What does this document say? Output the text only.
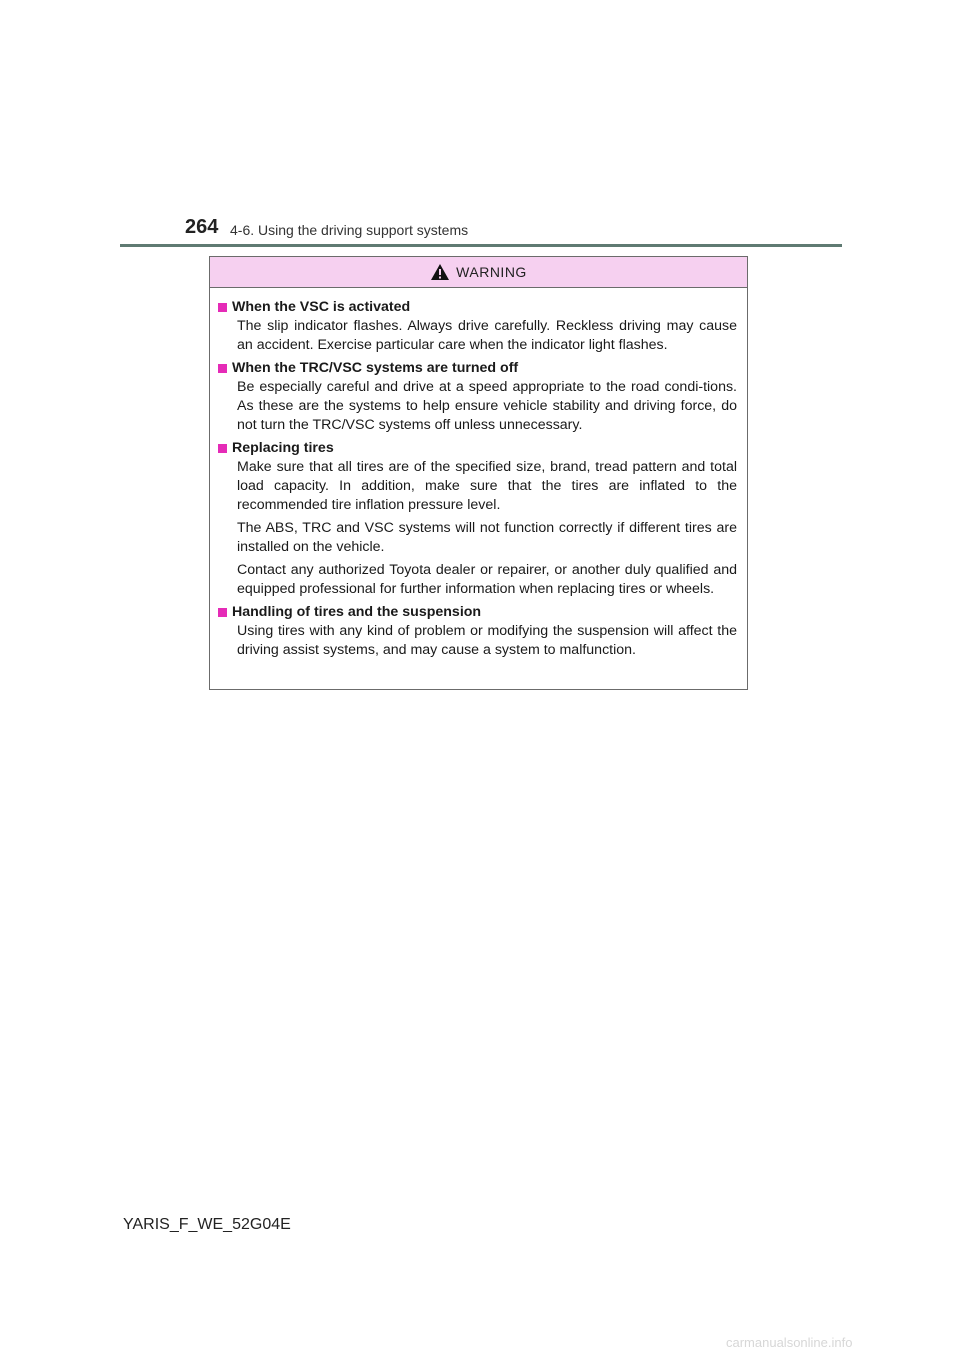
264 4-6. Using the driving support systems
WARNING
When the VSC is activated

The slip indicator flashes. Always drive carefully. Reckless driving may cause an accident. Exercise particular care when the indicator light flashes.

When the TRC/VSC systems are turned off

Be especially careful and drive at a speed appropriate to the road condi-tions. As these are the systems to help ensure vehicle stability and driving force, do not turn the TRC/VSC systems off unless unnecessary.

Replacing tires

Make sure that all tires are of the specified size, brand, tread pattern and total load capacity. In addition, make sure that the tires are inflated to the recommended tire inflation pressure level.

The ABS, TRC and VSC systems will not function correctly if different tires are installed on the vehicle.

Contact any authorized Toyota dealer or repairer, or another duly qualified and equipped professional for further information when replacing tires or wheels.

Handling of tires and the suspension

Using tires with any kind of problem or modifying the suspension will affect the driving assist systems, and may cause a system to malfunction.

YARIS_F_WE_52G04E
carmanualsonline.info
